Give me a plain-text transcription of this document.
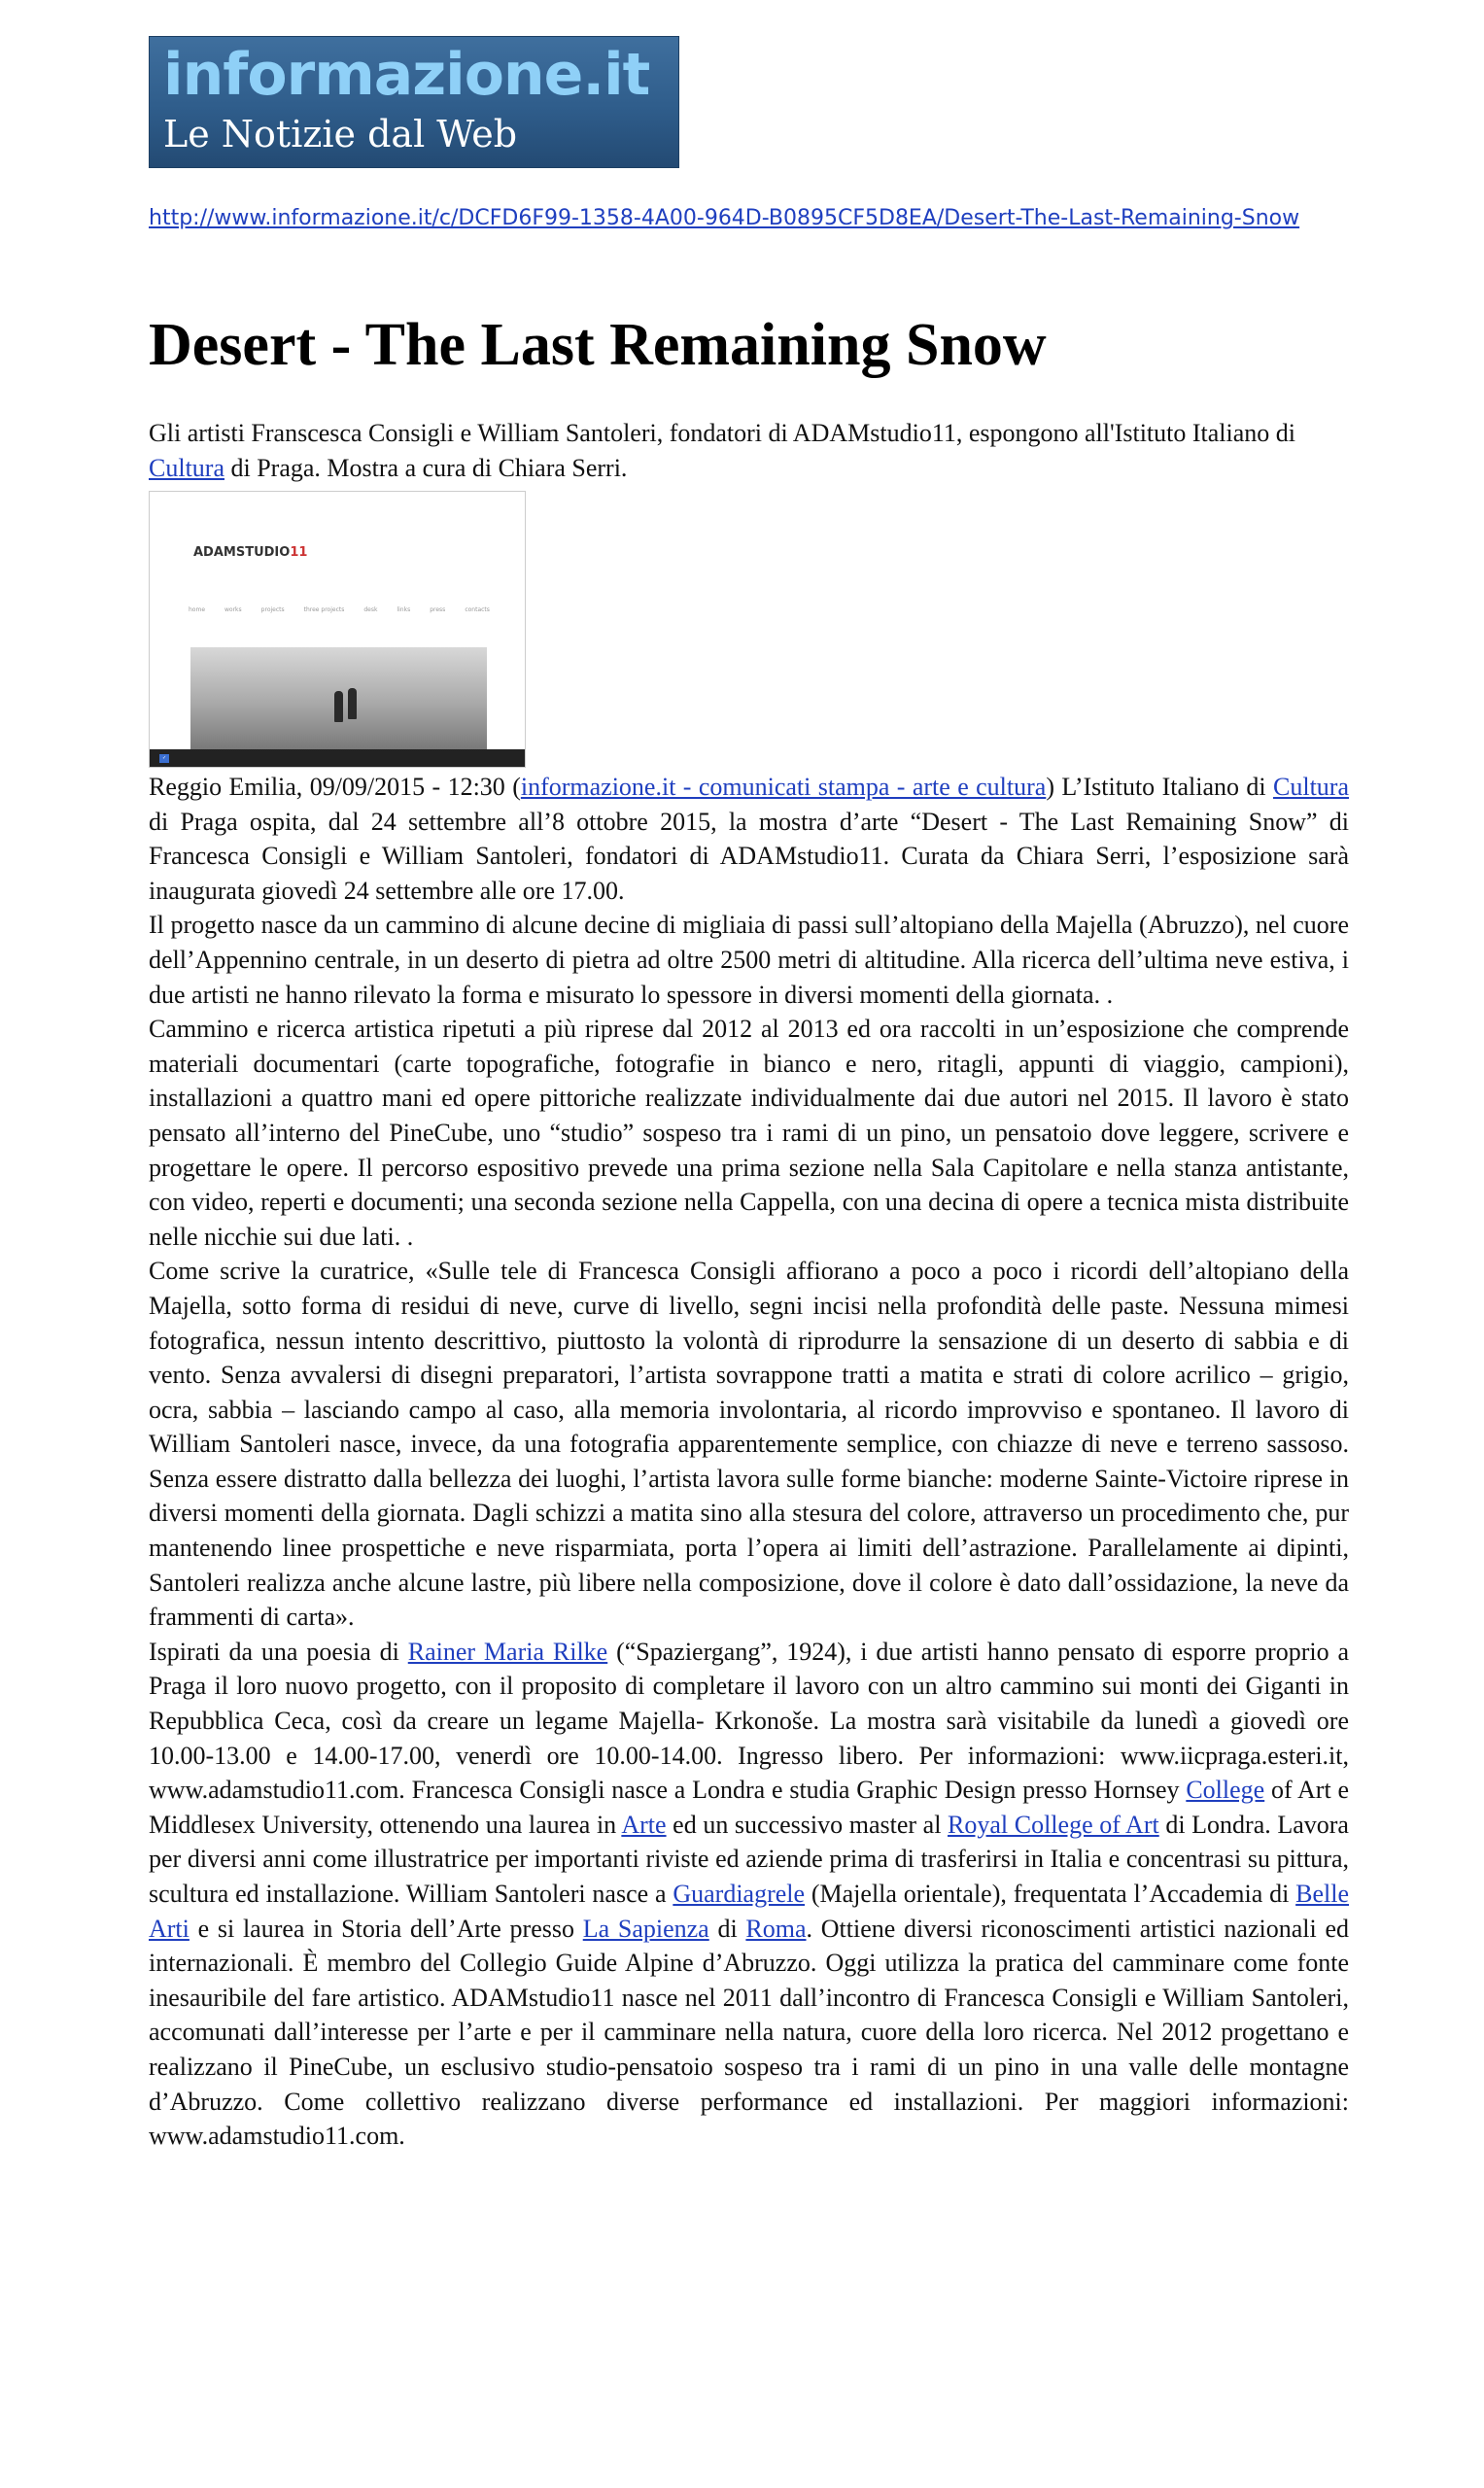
informazione.it
Le Notizie dal Web
http://www.informazione.it/c/DCFD6F99-1358-4A00-964D-B0895CF5D8EA/Desert-The-Last-Remaining-Snow
Desert - The Last Remaining Snow
Gli artisti Franscesca Consigli e William Santoleri, fondatori di ADAMstudio11, espongono all'Istituto Italiano di Cultura di Praga. Mostra a cura di Chiara Serri.
ADAMSTUDIO11
home	works	projects	three projects	desk	links	press	contacts
✓

Reggio Emilia, 09/09/2015 - 12:30 (informazione.it - comunicati stampa - arte e cultura) L’Istituto Italiano di Cultura di Praga ospita, dal 24 settembre all’8 ottobre 2015, la mostra d’arte “Desert - The Last Remaining Snow” di Francesca Consigli e William Santoleri, fondatori di ADAMstudio11. Curata da Chiara Serri, l’esposizione sarà inaugurata giovedì 24 settembre alle ore 17.00.

Il progetto nasce da un cammino di alcune decine di migliaia di passi sull’altopiano della Majella (Abruzzo), nel cuore dell’Appennino centrale, in un deserto di pietra ad oltre 2500 metri di altitudine. Alla ricerca dell’ultima neve estiva, i due artisti ne hanno rilevato la forma e misurato lo spessore in diversi momenti della giornata. .

Cammino e ricerca artistica ripetuti a più riprese dal 2012 al 2013 ed ora raccolti in un’esposizione che comprende materiali documentari (carte topografiche, fotografie in bianco e nero, ritagli, appunti di viaggio, campioni), installazioni a quattro mani ed opere pittoriche realizzate individualmente dai due autori nel 2015. Il lavoro è stato pensato all’interno del PineCube, uno “studio” sospeso tra i rami di un pino, un pensatoio dove leggere, scrivere e progettare le opere. Il percorso espositivo prevede una prima sezione nella Sala Capitolare e nella stanza antistante, con video, reperti e documenti; una seconda sezione nella Cappella, con una decina di opere a tecnica mista distribuite nelle nicchie sui due lati. .

Come scrive la curatrice, «Sulle tele di Francesca Consigli affiorano a poco a poco i ricordi dell’altopiano della Majella, sotto forma di residui di neve, curve di livello, segni incisi nella profondità delle paste. Nessuna mimesi fotografica, nessun intento descrittivo, piuttosto la volontà di riprodurre la sensazione di un deserto di sabbia e di vento. Senza avvalersi di disegni preparatori, l’artista sovrappone tratti a matita e strati di colore acrilico – grigio, ocra, sabbia – lasciando campo al caso, alla memoria involontaria, al ricordo improvviso e spontaneo. Il lavoro di William Santoleri nasce, invece, da una fotografia apparentemente semplice, con chiazze di neve e terreno sassoso. Senza essere distratto dalla bellezza dei luoghi, l’artista lavora sulle forme bianche: moderne Sainte-Victoire riprese in diversi momenti della giornata. Dagli schizzi a matita sino alla stesura del colore, attraverso un procedimento che, pur mantenendo linee prospettiche e neve risparmiata, porta l’opera ai limiti dell’astrazione. Parallelamente ai dipinti, Santoleri realizza anche alcune lastre, più libere nella composizione, dove il colore è dato dall’ossidazione, la neve da frammenti di carta».

Ispirati da una poesia di Rainer Maria Rilke (“Spaziergang”, 1924), i due artisti hanno pensato di esporre proprio a Praga il loro nuovo progetto, con il proposito di completare il lavoro con un altro cammino sui monti dei Giganti in Repubblica Ceca, così da creare un legame Majella- Krkonoše. La mostra sarà visitabile da lunedì a giovedì ore 10.00-13.00 e 14.00-17.00, venerdì ore 10.00-14.00. Ingresso libero. Per informazioni: www.iicpraga.esteri.it, www.adamstudio11.com. Francesca Consigli nasce a Londra e studia Graphic Design presso Hornsey College of Art e Middlesex University, ottenendo una laurea in Arte ed un successivo master al Royal College of Art di Londra. Lavora per diversi anni come illustratrice per importanti riviste ed aziende prima di trasferirsi in Italia e concentrasi su pittura, scultura ed installazione. William Santoleri nasce a Guardiagrele (Majella orientale), frequentata l’Accademia di Belle Arti e si laurea in Storia dell’Arte presso La Sapienza di Roma. Ottiene diversi riconoscimenti artistici nazionali ed internazionali. È membro del Collegio Guide Alpine d’Abruzzo. Oggi utilizza la pratica del camminare come fonte inesauribile del fare artistico. ADAMstudio11 nasce nel 2011 dall’incontro di Francesca Consigli e William Santoleri, accomunati dall’interesse per l’arte e per il camminare nella natura, cuore della loro ricerca. Nel 2012 progettano e realizzano il PineCube, un esclusivo studio-pensatoio sospeso tra i rami di un pino in una valle delle montagne d’Abruzzo. Come collettivo realizzano diverse performance ed installazioni. Per maggiori informazioni: www.adamstudio11.com.
